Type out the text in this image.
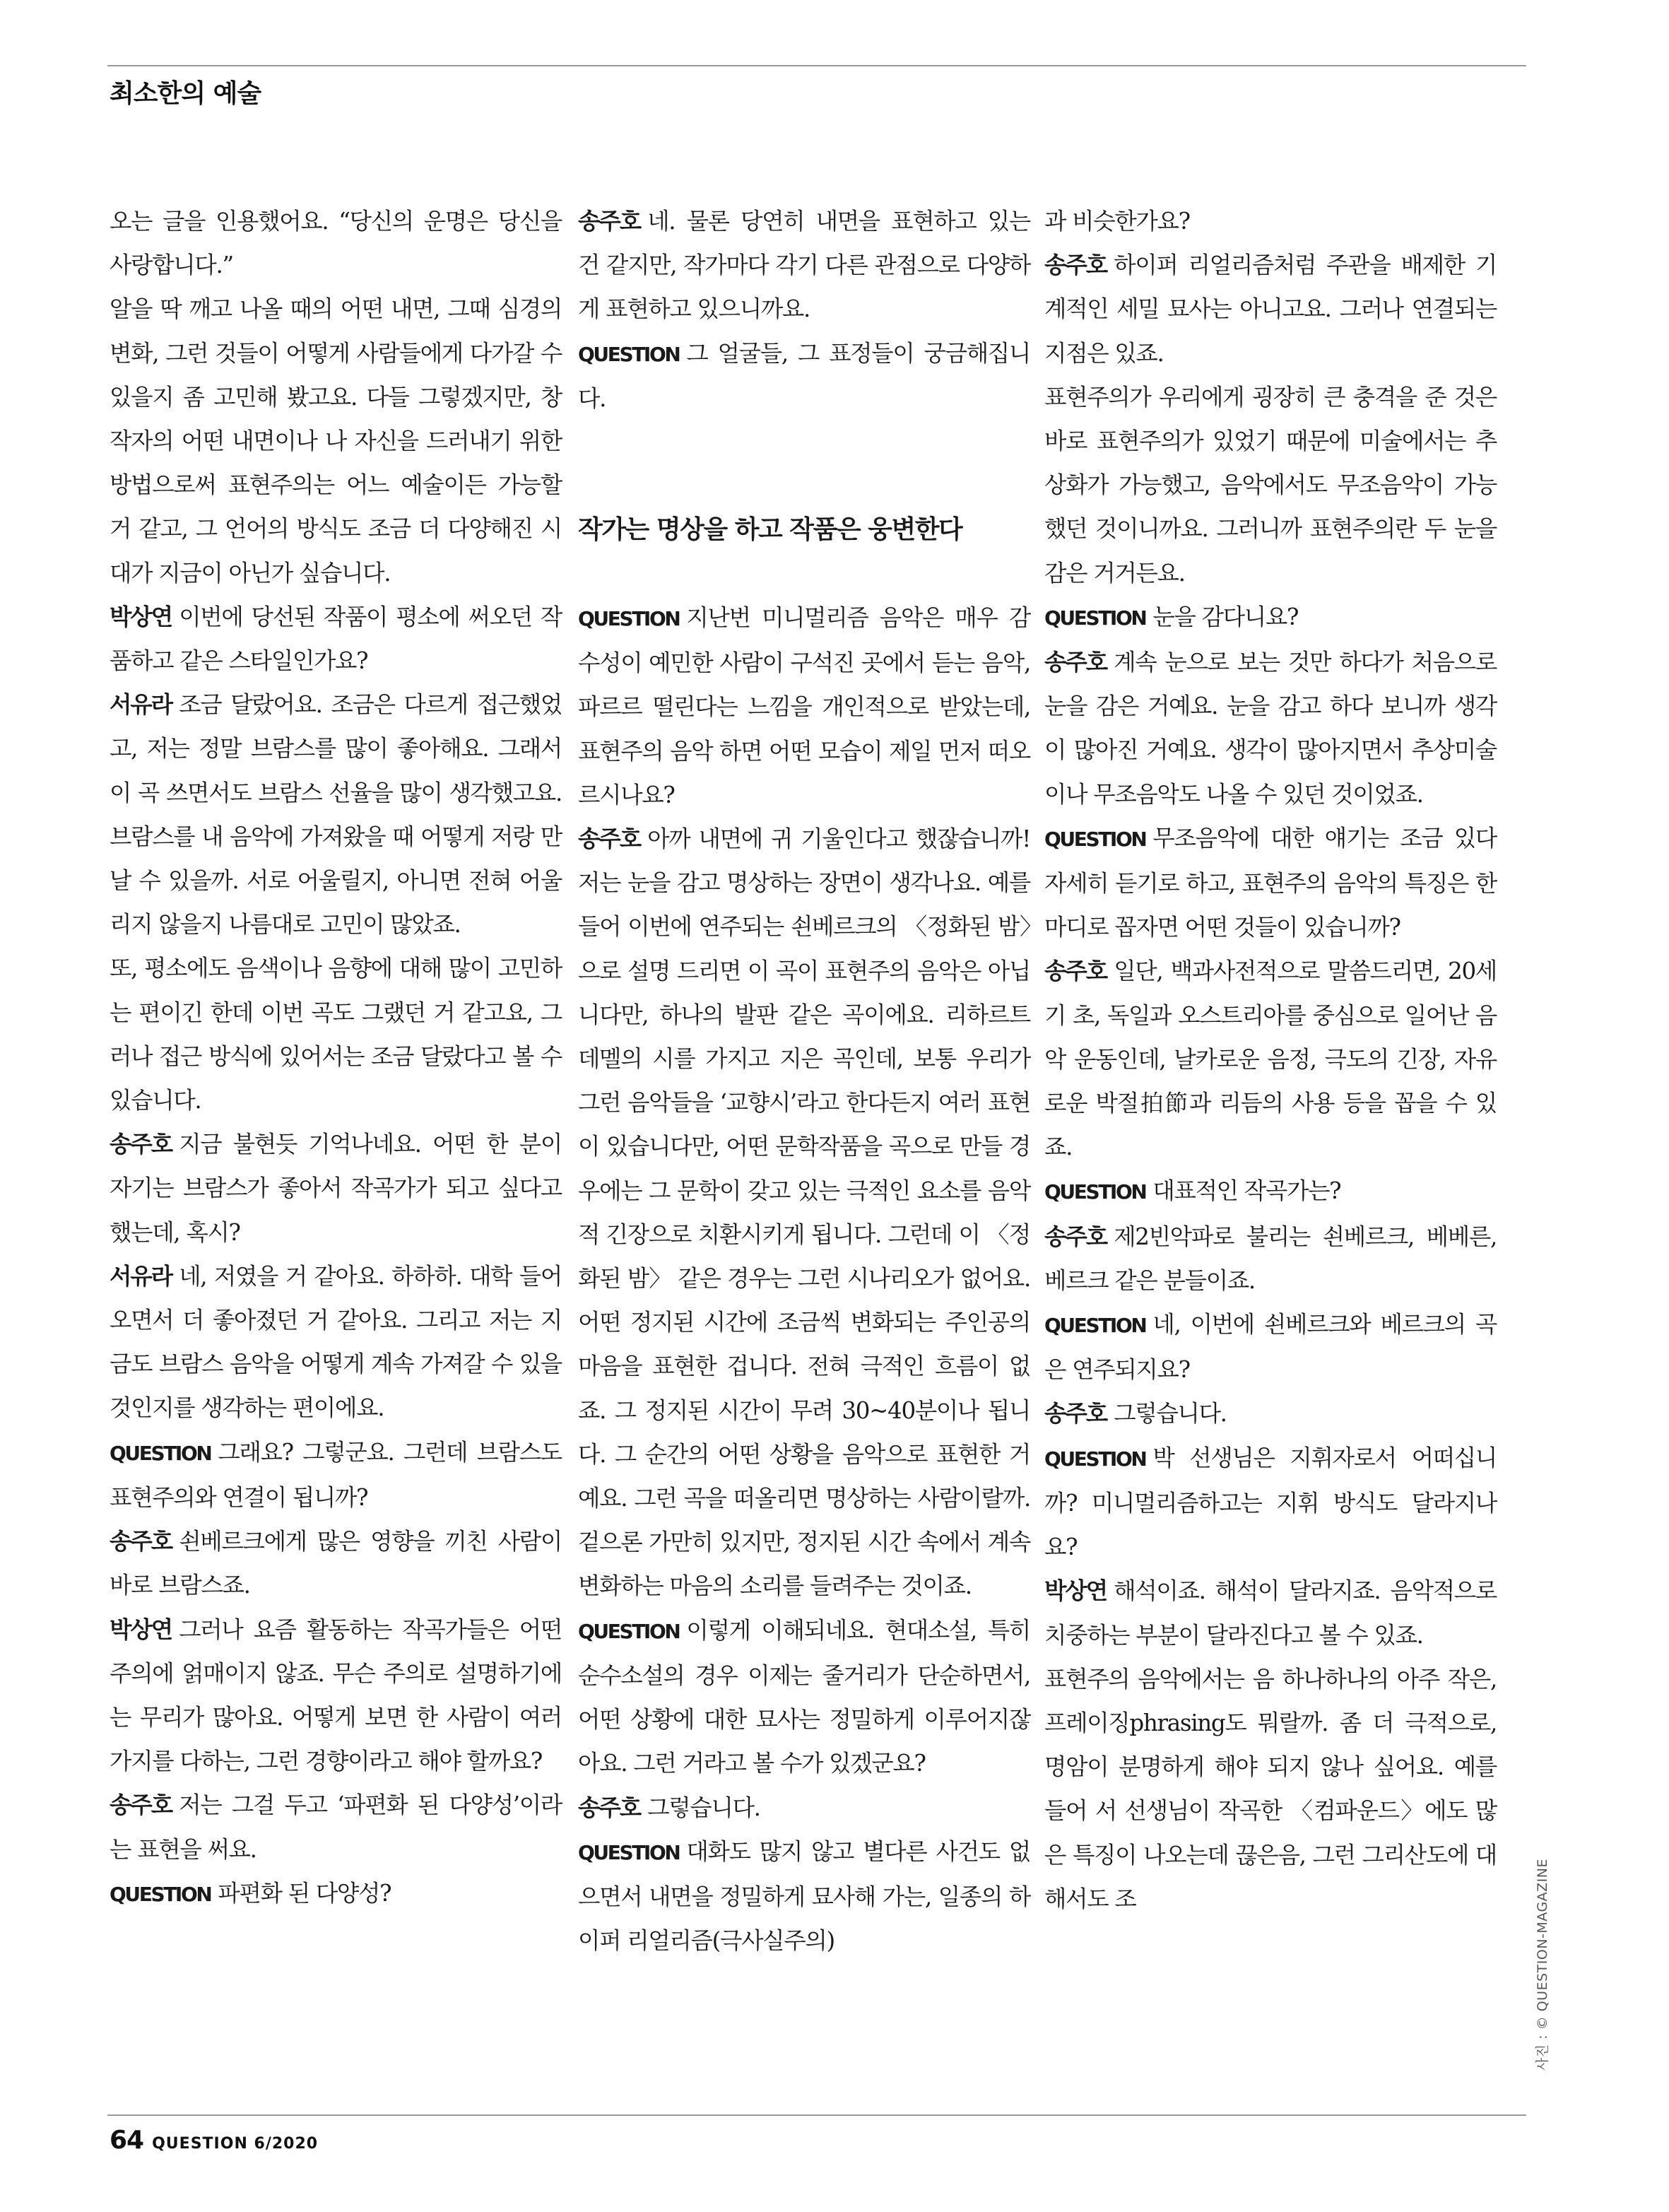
최소한의 예술

오는 글을 인용했어요. “당신의 운명은 당신을 사랑합니다.”

알을 딱 깨고 나올 때의 어떤 내면, 그때 심경의 변화, 그런 것들이 어떻게 사람들에게 다가갈 수 있을지 좀 고민해 봤고요. 다들 그렇겠지만, 창작자의 어떤 내면이나 나 자신을 드러내기 위한 방법으로써 표현주의는 어느 예술이든 가능할 거 같고, 그 언어의 방식도 조금 더 다양해진 시대가 지금이 아닌가 싶습니다.

박상연 이번에 당선된 작품이 평소에 써오던 작품하고 같은 스타일인가요?

서유라 조금 달랐어요. 조금은 다르게 접근했었고, 저는 정말 브람스를 많이 좋아해요. 그래서 이 곡 쓰면서도 브람스 선율을 많이 생각했고요. 브람스를 내 음악에 가져왔을 때 어떻게 저랑 만날 수 있을까. 서로 어울릴지, 아니면 전혀 어울리지 않을지 나름대로 고민이 많았죠.

또, 평소에도 음색이나 음향에 대해 많이 고민하는 편이긴 한데 이번 곡도 그랬던 거 같고요, 그러나 접근 방식에 있어서는 조금 달랐다고 볼 수 있습니다.

송주호 지금 불현듯 기억나네요. 어떤 한 분이 자기는 브람스가 좋아서 작곡가가 되고 싶다고 했는데, 혹시?

서유라 네, 저였을 거 같아요. 하하하. 대학 들어오면서 더 좋아졌던 거 같아요. 그리고 저는 지금도 브람스 음악을 어떻게 계속 가져갈 수 있을 것인지를 생각하는 편이에요.

QUESTION 그래요? 그렇군요. 그런데 브람스도 표현주의와 연결이 됩니까?

송주호 쇤베르크에게 많은 영향을 끼친 사람이 바로 브람스죠.

박상연 그러나 요즘 활동하는 작곡가들은 어떤 주의에 얽매이지 않죠. 무슨 주의로 설명하기에는 무리가 많아요. 어떻게 보면 한 사람이 여러 가지를 다하는, 그런 경향이라고 해야 할까요?

송주호 저는 그걸 두고 ‘파편화 된 다양성’이라는 표현을 써요.

QUESTION 파편화 된 다양성?

송주호 네. 물론 당연히 내면을 표현하고 있는 건 같지만, 작가마다 각기 다른 관점으로 다양하게 표현하고 있으니까요.

QUESTION 그 얼굴들, 그 표정들이 궁금해집니다.

작가는 명상을 하고 작품은 웅변한다

QUESTION 지난번 미니멀리즘 음악은 매우 감수성이 예민한 사람이 구석진 곳에서 듣는 음악, 파르르 떨린다는 느낌을 개인적으로 받았는데, 표현주의 음악 하면 어떤 모습이 제일 먼저 떠오르시나요?

송주호 아까 내면에 귀 기울인다고 했잖습니까! 저는 눈을 감고 명상하는 장면이 생각나요. 예를 들어 이번에 연주되는 쇤베르크의 〈정화된 밤〉으로 설명 드리면 이 곡이 표현주의 음악은 아닙니다만, 하나의 발판 같은 곡이에요. 리하르트 데멜의 시를 가지고 지은 곡인데, 보통 우리가 그런 음악들을 ‘교향시’라고 한다든지 여러 표현이 있습니다만, 어떤 문학작품을 곡으로 만들 경우에는 그 문학이 갖고 있는 극적인 요소를 음악적 긴장으로 치환시키게 됩니다. 그런데 이 〈정화된 밤〉 같은 경우는 그런 시나리오가 없어요. 어떤 정지된 시간에 조금씩 변화되는 주인공의 마음을 표현한 겁니다. 전혀 극적인 흐름이 없죠. 그 정지된 시간이 무려 30~40분이나 됩니다. 그 순간의 어떤 상황을 음악으로 표현한 거예요. 그런 곡을 떠올리면 명상하는 사람이랄까. 겉으론 가만히 있지만, 정지된 시간 속에서 계속 변화하는 마음의 소리를 들려주는 것이죠.

QUESTION 이렇게 이해되네요. 현대소설, 특히 순수소설의 경우 이제는 줄거리가 단순하면서, 어떤 상황에 대한 묘사는 정밀하게 이루어지잖아요. 그런 거라고 볼 수가 있겠군요?

송주호 그렇습니다.

QUESTION 대화도 많지 않고 별다른 사건도 없으면서 내면을 정밀하게 묘사해 가는, 일종의 하이퍼 리얼리즘(극사실주의)

과 비슷한가요?

송주호 하이퍼 리얼리즘처럼 주관을 배제한 기계적인 세밀 묘사는 아니고요. 그러나 연결되는 지점은 있죠.

표현주의가 우리에게 굉장히 큰 충격을 준 것은 바로 표현주의가 있었기 때문에 미술에서는 추상화가 가능했고, 음악에서도 무조음악이 가능했던 것이니까요. 그러니까 표현주의란 두 눈을 감은 거거든요.

QUESTION 눈을 감다니요?

송주호 계속 눈으로 보는 것만 하다가 처음으로 눈을 감은 거예요. 눈을 감고 하다 보니까 생각이 많아진 거예요. 생각이 많아지면서 추상미술이나 무조음악도 나올 수 있던 것이었죠.

QUESTION 무조음악에 대한 얘기는 조금 있다 자세히 듣기로 하고, 표현주의 음악의 특징은 한 마디로 꼽자면 어떤 것들이 있습니까?

송주호 일단, 백과사전적으로 말씀드리면, 20세기 초, 독일과 오스트리아를 중심으로 일어난 음악 운동인데, 날카로운 음정, 극도의 긴장, 자유로운 박절拍節과 리듬의 사용 등을 꼽을 수 있죠.

QUESTION 대표적인 작곡가는?

송주호 제2빈악파로 불리는 쇤베르크, 베베른, 베르크 같은 분들이죠.

QUESTION 네, 이번에 쇤베르크와 베르크의 곡은 연주되지요?

송주호 그렇습니다.

QUESTION 박 선생님은 지휘자로서 어떠십니까? 미니멀리즘하고는 지휘 방식도 달라지나요?

박상연 해석이죠. 해석이 달라지죠. 음악적으로 치중하는 부분이 달라진다고 볼 수 있죠.

표현주의 음악에서는 음 하나하나의 아주 작은, 프레이징phrasing도 뭐랄까. 좀 더 극적으로, 명암이 분명하게 해야 되지 않나 싶어요. 예를 들어 서 선생님이 작곡한 〈컴파운드〉에도 많은 특징이 나오는데 끊은음, 그런 그리산도에 대해서도 조

64 QUESTION 6/2020
사진 : © QUESTION-MAGAZINE
